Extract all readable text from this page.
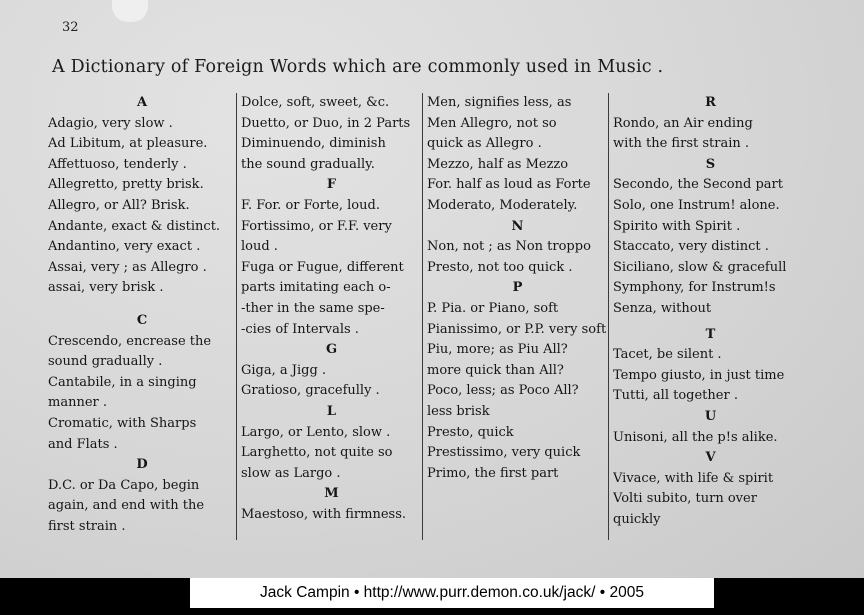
32
A Dictionary of Foreign Words which are commonly used in Music .
A
Adagio, very slow .
Ad Libitum, at pleasure.
Affettuoso, tenderly .
Allegretto, pretty brisk.
Allegro, or All? Brisk.
Andante, exact & distinct.
Andantino, very exact .
Assai, very ; as Allegro .
assai, very brisk .
C
Crescendo, encrease the
sound gradually .
Cantabile, in a singing
manner .
Cromatic, with Sharps
and Flats .
D
D.C. or Da Capo, begin
again, and end with the
first strain .
Dolce, soft, sweet, &c.
Duetto, or Duo, in 2 Parts
Diminuendo, diminish
the sound gradually.
F
F. For. or Forte, loud.
Fortissimo, or F.F. very
loud .
Fuga or Fugue, different
parts imitating each o-
-ther in the same spe-
-cies of Intervals .
G
Giga, a Jigg .
Gratioso, gracefully .
L
Largo, or Lento, slow .
Larghetto, not quite so
slow as Largo .
M
Maestoso, with firmness.
Men, signifies less, as
Men Allegro, not so
quick as Allegro .
Mezzo, half as Mezzo
For. half as loud as Forte
Moderato, Moderately.
N
Non, not ; as Non troppo
Presto, not too quick .
P
P. Pia. or Piano, soft
Pianissimo, or P.P. very soft
Piu, more; as Piu All?
more quick than All?
Poco, less; as Poco All?
less brisk
Presto, quick
Prestissimo, very quick
Primo, the first part
R
Rondo, an Air ending
with the first strain .
S
Secondo, the Second part
Solo, one Instrum! alone.
Spirito with Spirit .
Staccato, very distinct .
Siciliano, slow & gracefull
Symphony, for Instrum!s
Senza, without
T
Tacet, be silent .
Tempo giusto, in just time
Tutti, all together .
U
Unisoni, all the p!s alike.
V
Vivace, with life & spirit
Volti subito, turn over
quickly
Jack Campin • http://www.purr.demon.co.uk/jack/ • 2005
